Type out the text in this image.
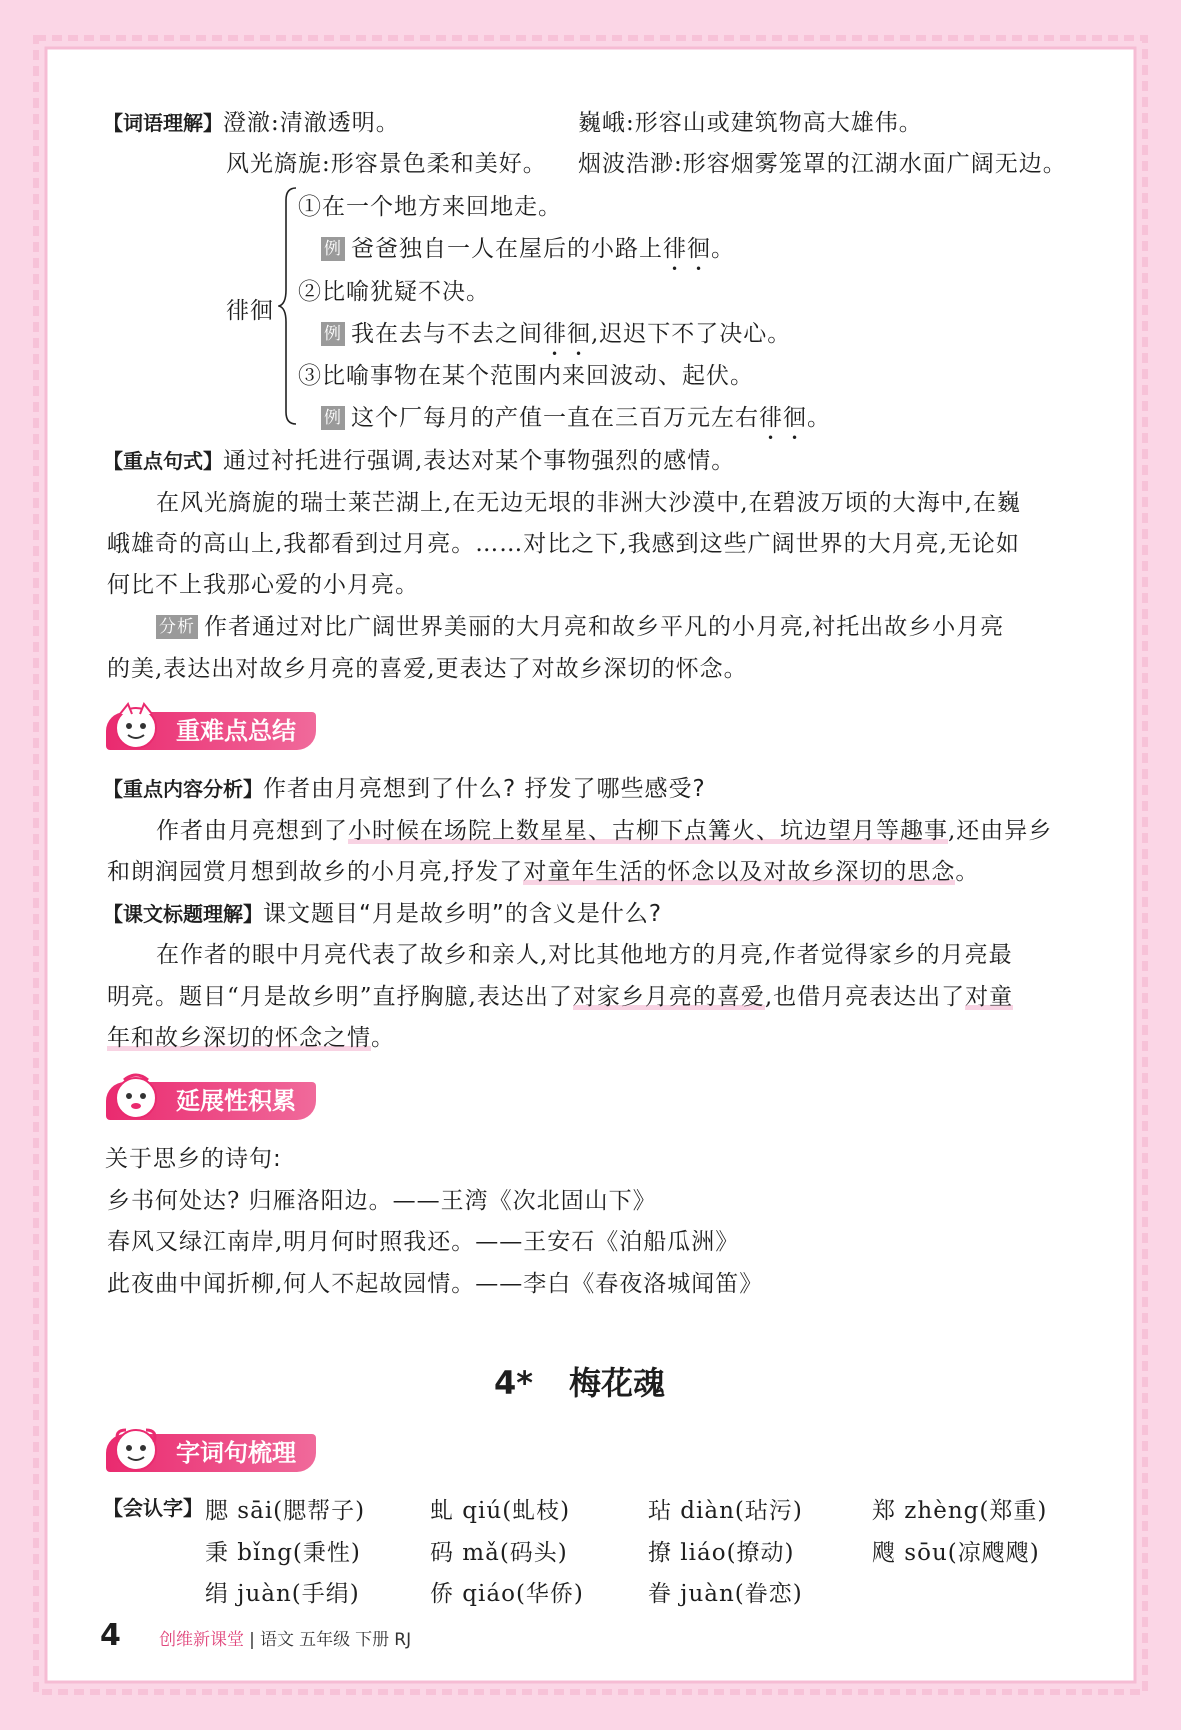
【词语理解】澄澈:清澈透明。	巍峨:形容山或建筑物高大雄伟。
风光旖旎:形容景色柔和美好。 烟波浩渺:形容烟雾笼罩的江湖水面广阔无边。
徘徊
①在一个地方来回地走。
例 爸爸独自一人在屋后的小路上徘徊。
②比喻犹疑不决。
例 我在去与不去之间徘徊,迟迟下不了决心。
③比喻事物在某个范围内来回波动、起伏。
例 这个厂每月的产值一直在三百万元左右徘徊。
【重点句式】通过衬托进行强调,表达对某个事物强烈的感情。
在风光旖旎的瑞士莱芒湖上,在无边无垠的非洲大沙漠中,在碧波万顷的大海中,在巍
峨雄奇的高山上,我都看到过月亮。……对比之下,我感到这些广阔世界的大月亮,无论如
何比不上我那心爱的小月亮。
分析 作者通过对比广阔世界美丽的大月亮和故乡平凡的小月亮,衬托出故乡小月亮
的美,表达出对故乡月亮的喜爱,更表达了对故乡深切的怀念。
重难点总结
【重点内容分析】作者由月亮想到了什么? 抒发了哪些感受?
作者由月亮想到了小时候在场院上数星星、古柳下点篝火、坑边望月等趣事,还由异乡
和朗润园赏月想到故乡的小月亮,抒发了对童年生活的怀念以及对故乡深切的思念。
【课文标题理解】课文题目“月是故乡明”的含义是什么?
在作者的眼中月亮代表了故乡和亲人,对比其他地方的月亮,作者觉得家乡的月亮最
明亮。题目“月是故乡明”直抒胸臆,表达出了对家乡月亮的喜爱,也借月亮表达出了对童
年和故乡深切的怀念之情。
延展性积累
关于思乡的诗句:
乡书何处达? 归雁洛阳边。——王湾《次北固山下》
春风又绿江南岸,明月何时照我还。——王安石《泊船瓜洲》
此夜曲中闻折柳,何人不起故园情。——李白《春夜洛城闻笛》
4* 梅花魂
字词句梳理
【会认字】 腮 sāi(腮帮子)	虬 qiú(虬枝)	玷 diàn(玷污)	郑 zhèng(郑重)
秉 bǐng(秉性)	码 mǎ(码头)	撩 liáo(撩动)	飕 sōu(凉飕飕)
绢 juàn(手绢)	侨 qiáo(华侨)	眷 juàn(眷恋)
4 创维新课堂 | 语文 五年级 下册 RJ
